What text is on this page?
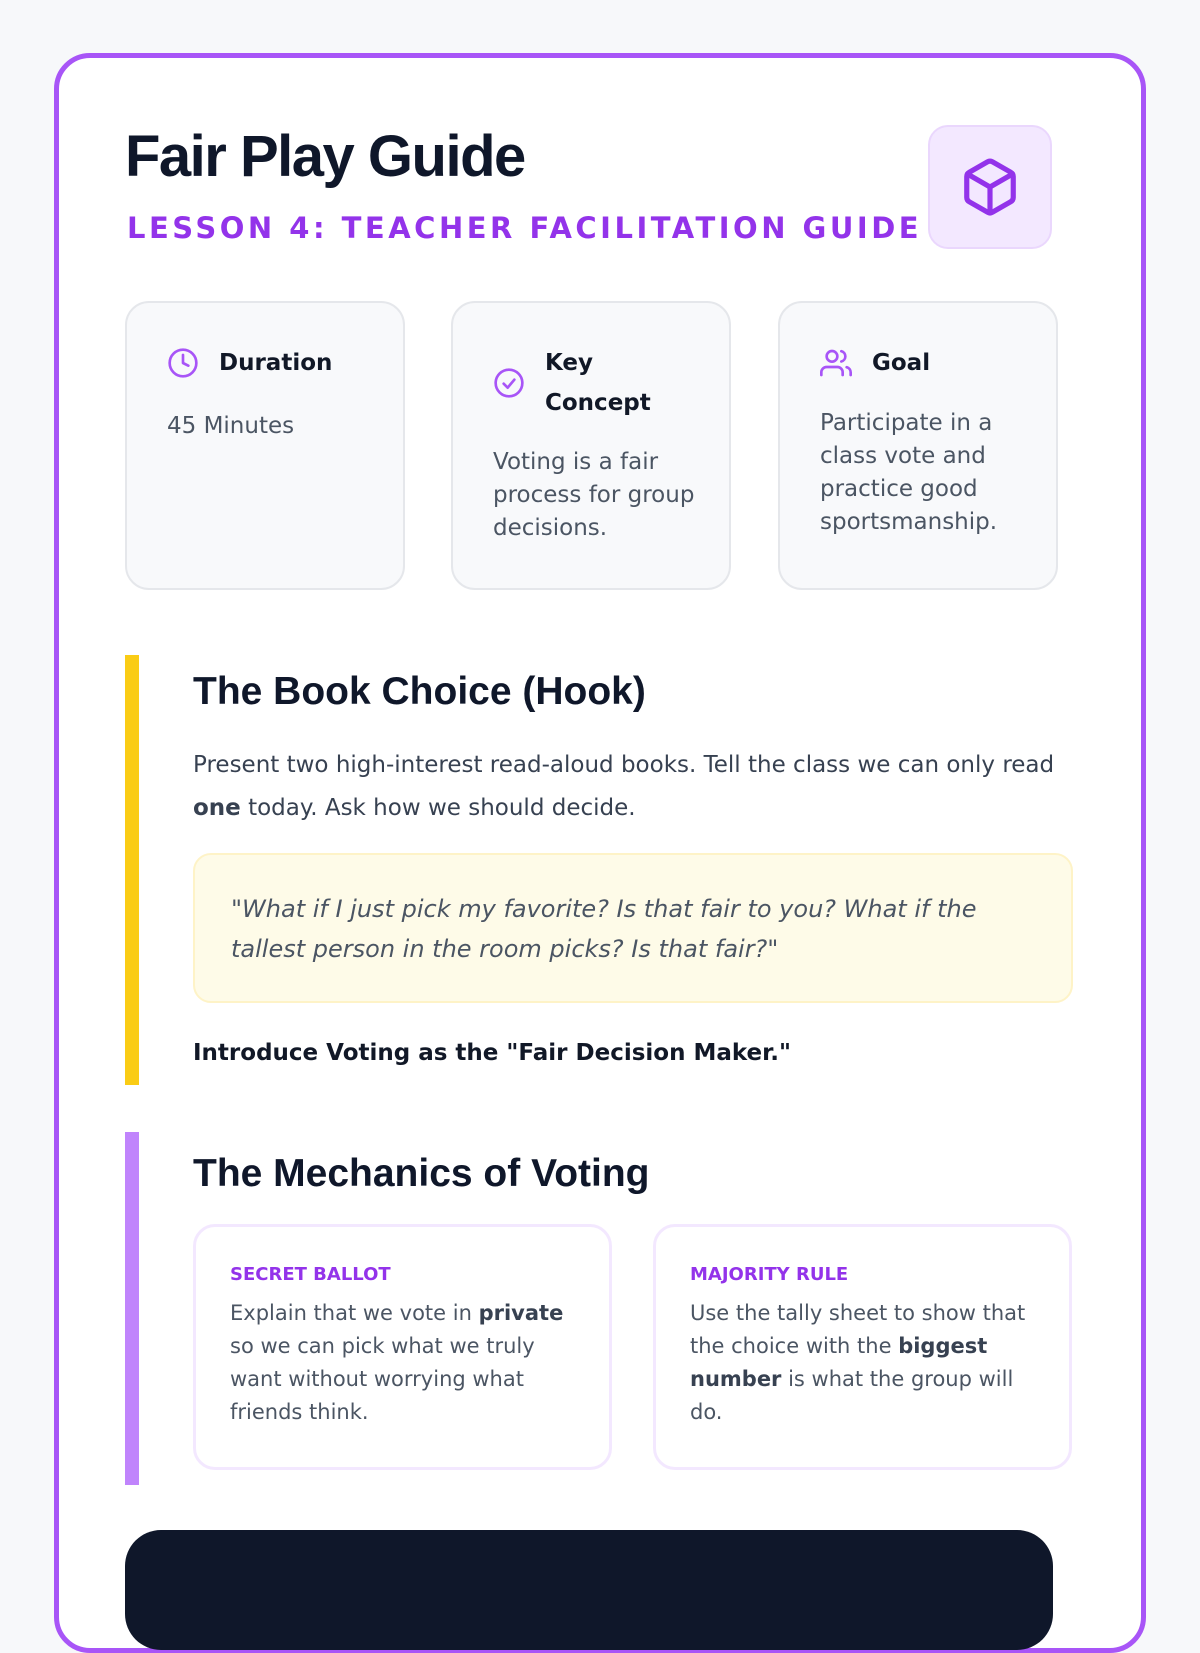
Fair Play Guide
LESSON 4: TEACHER FACILITATION GUIDE
Duration
45 Minutes
Key Concept
Voting is a fair process for group decisions.
Goal
Participate in a class vote and practice good sportsmanship.
The Book Choice (Hook)

Present two high-interest read-aloud books. Tell the class we can only read one today. Ask how we should decide.

"What if I just pick my favorite? Is that fair to you? What if the tallest person in the room picks? Is that fair?"

Introduce Voting as the "Fair Decision Maker."

The Mechanics of Voting
SECRET BALLOT
Explain that we vote in private so we can pick what we truly want without worrying what friends think.
MAJORITY RULE
Use the tally sheet to show that the choice with the biggest number is what the group will do.
